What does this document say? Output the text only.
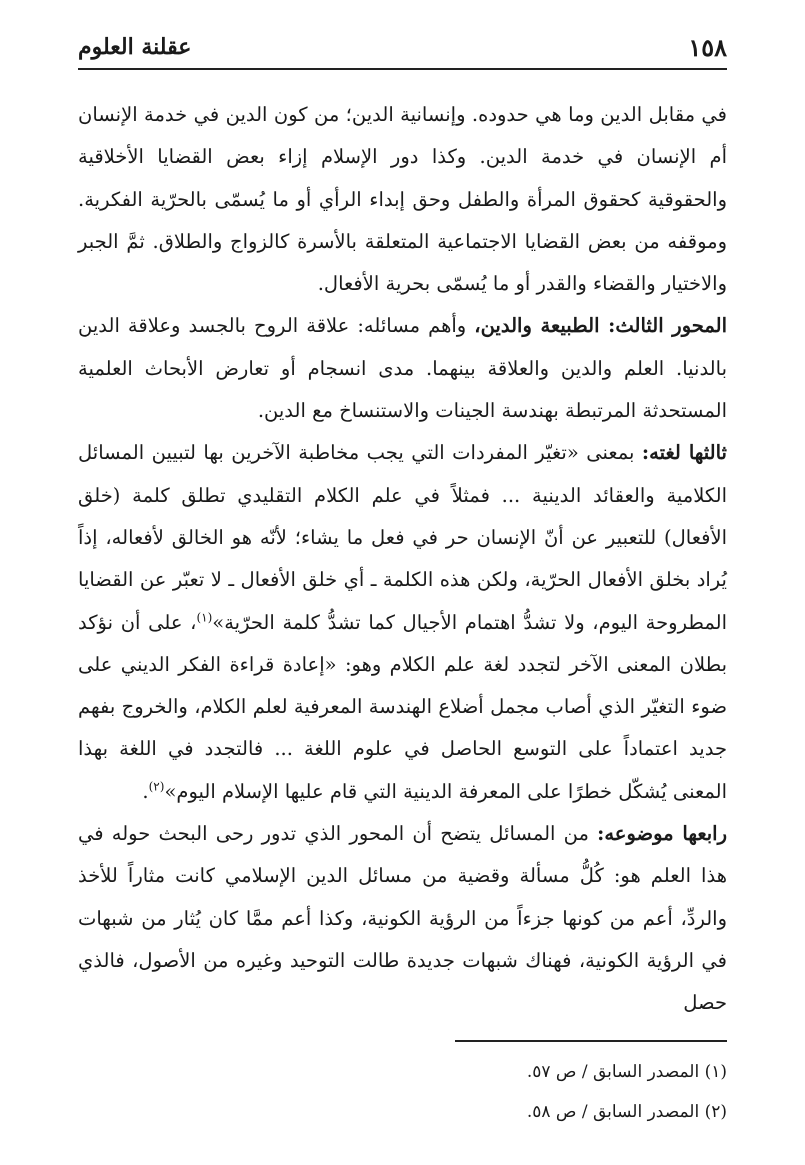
١٥٨
عقلنة العلوم

في مقابل الدين وما هي حدوده. وإنسانية الدين؛ من كون الدين في خدمة الإنسان أم الإنسان في خدمة الدين. وكذا دور الإسلام إزاء بعض القضايا الأخلاقية والحقوقية كحقوق المرأة والطفل وحق إبداء الرأي أو ما يُسمّى بالحرّية الفكرية. وموقفه من بعض القضايا الاجتماعية المتعلقة بالأسرة كالزواج والطلاق. ثمَّ الجبر والاختيار والقضاء والقدر أو ما يُسمّى بحرية الأفعال.

المحور الثالث: الطبيعة والدين، وأهم مسائله: علاقة الروح بالجسد وعلاقة الدين بالدنيا. العلم والدين والعلاقة بينهما. مدى انسجام أو تعارض الأبحاث العلمية المستحدثة المرتبطة بهندسة الجينات والاستنساخ مع الدين.

ثالثها لغته: بمعنى «تغيّر المفردات التي يجب مخاطبة الآخرين بها لتبيين المسائل الكلامية والعقائد الدينية ... فمثلاً في علم الكلام التقليدي تطلق كلمة (خلق الأفعال) للتعبير عن أنّ الإنسان حر في فعل ما يشاء؛ لأنّه هو الخالق لأفعاله، إذاً يُراد بخلق الأفعال الحرّية، ولكن هذه الكلمة ـ أي خلق الأفعال ـ لا تعبّر عن القضايا المطروحة اليوم، ولا تشدُّ اهتمام الأجيال كما تشدُّ كلمة الحرّية»$^{(١)}$، على أن نؤكد بطلان المعنى الآخر لتجدد لغة علم الكلام وهو: «إعادة قراءة الفكر الديني على ضوء التغيّر الذي أصاب مجمل أضلاع الهندسة المعرفية لعلم الكلام، والخروج بفهم جديد اعتماداً على التوسع الحاصل في علوم اللغة ... فالتجدد في اللغة بهذا المعنى يُشكّل خطرًا على المعرفة الدينية التي قام عليها الإسلام اليوم»$^{(٢)}$.

رابعها موضوعه: من المسائل يتضح أن المحور الذي تدور رحى البحث حوله في هذا العلم هو: كُلُّ مسألة وقضية من مسائل الدين الإسلامي كانت مثاراً للأخذ والردِّ، أعم من كونها جزءاً من الرؤية الكونية، وكذا أعم ممَّا كان يُثار من شبهات في الرؤية الكونية، فهناك شبهات جديدة طالت التوحيد وغيره من الأصول، فالذي حصل

(١) المصدر السابق / ص ٥٧.

(٢) المصدر السابق / ص ٥٨.
